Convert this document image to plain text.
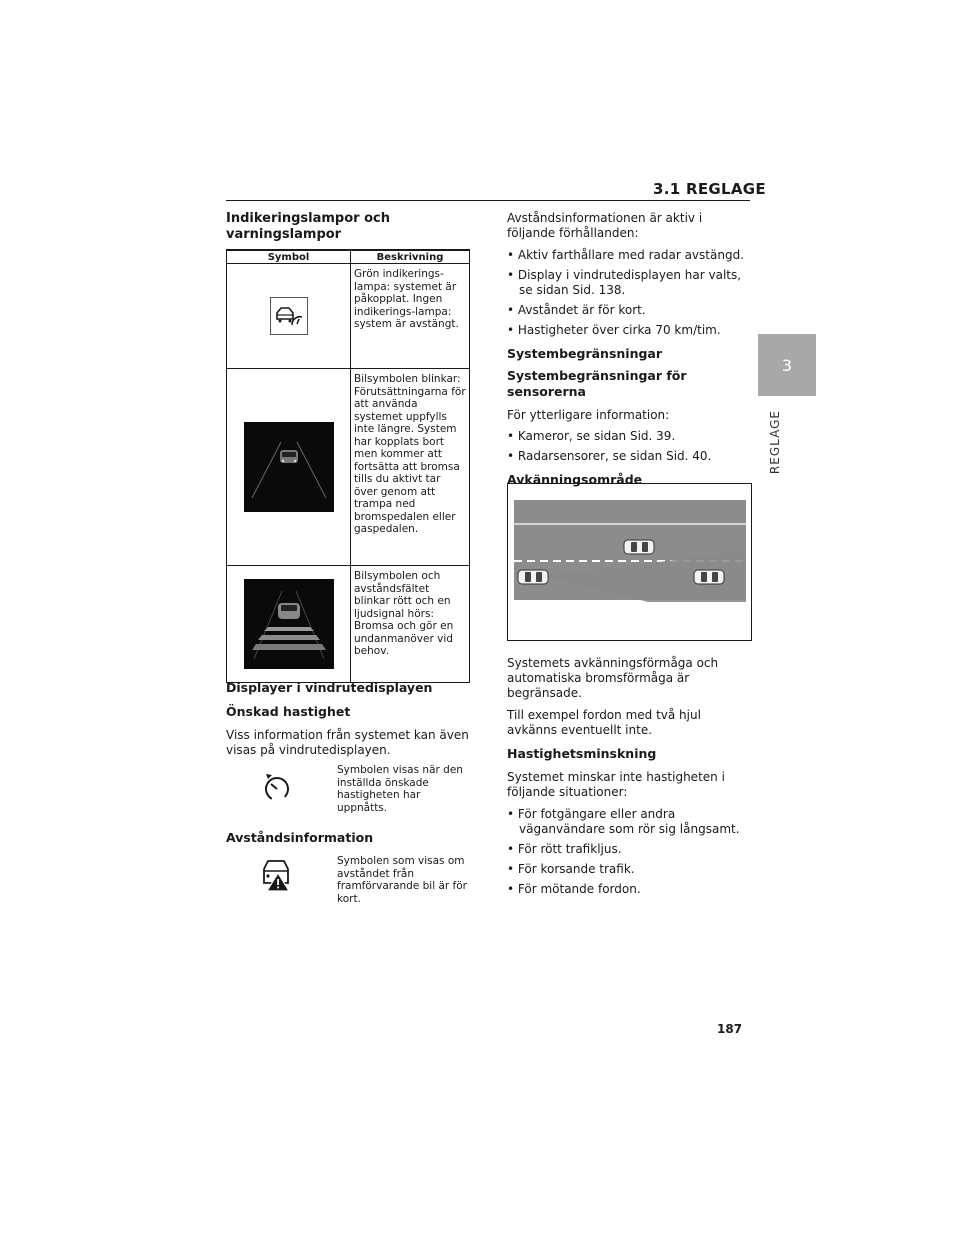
3.1 REGLAGE
3
REGLAGE
Indikeringslampor och
varningslampor
Symbol	Beskrivning

	Grön indikerings-lampa: systemet är påkopplat. Ingen indikerings-lampa: system är avstängt.

	Bilsymbolen blinkar: Förutsättningarna för att använda systemet uppfylls inte längre. System har kopplats bort men kommer att fortsätta att bromsa tills du aktivt tar över genom att trampa ned bromspedalen eller gaspedalen.

	Bilsymbolen och avståndsfältet blinkar rött och en ljudsignal hörs: Bromsa och gör en undanmanöver vid behov.
Displayer i vindrutedisplayen
Önskad hastighet

Viss information från systemet kan även visas på vindrutedisplayen.

Symbolen visas när den inställda önskade hastigheten har uppnåtts.
Avståndsinformation
Symbolen som visas om avståndet från framförvarande bil är för kort.

Avståndsinformationen är aktiv i följande förhållanden:

• Aktiv farthållare med radar avstängd.
• Display i vindrutedisplayen har valts, se sidan Sid. 138.
• Avståndet är för kort.
• Hastigheter över cirka 70 km/tim.
Systembegränsningar
Systembegränsningar för sensorerna

För ytterligare information:

• Kameror, se sidan Sid. 39.
• Radarsensorer, se sidan Sid. 40.
Avkänningsområde

Systemets avkänningsförmåga och automatiska bromsförmåga är begränsade.

Till exempel fordon med två hjul avkänns eventuellt inte.

Hastighetsminskning

Systemet minskar inte hastigheten i följande situationer:

• För fotgängare eller andra väganvändare som rör sig långsamt.
• För rött trafikljus.
• För korsande trafik.
• För mötande fordon.
187
